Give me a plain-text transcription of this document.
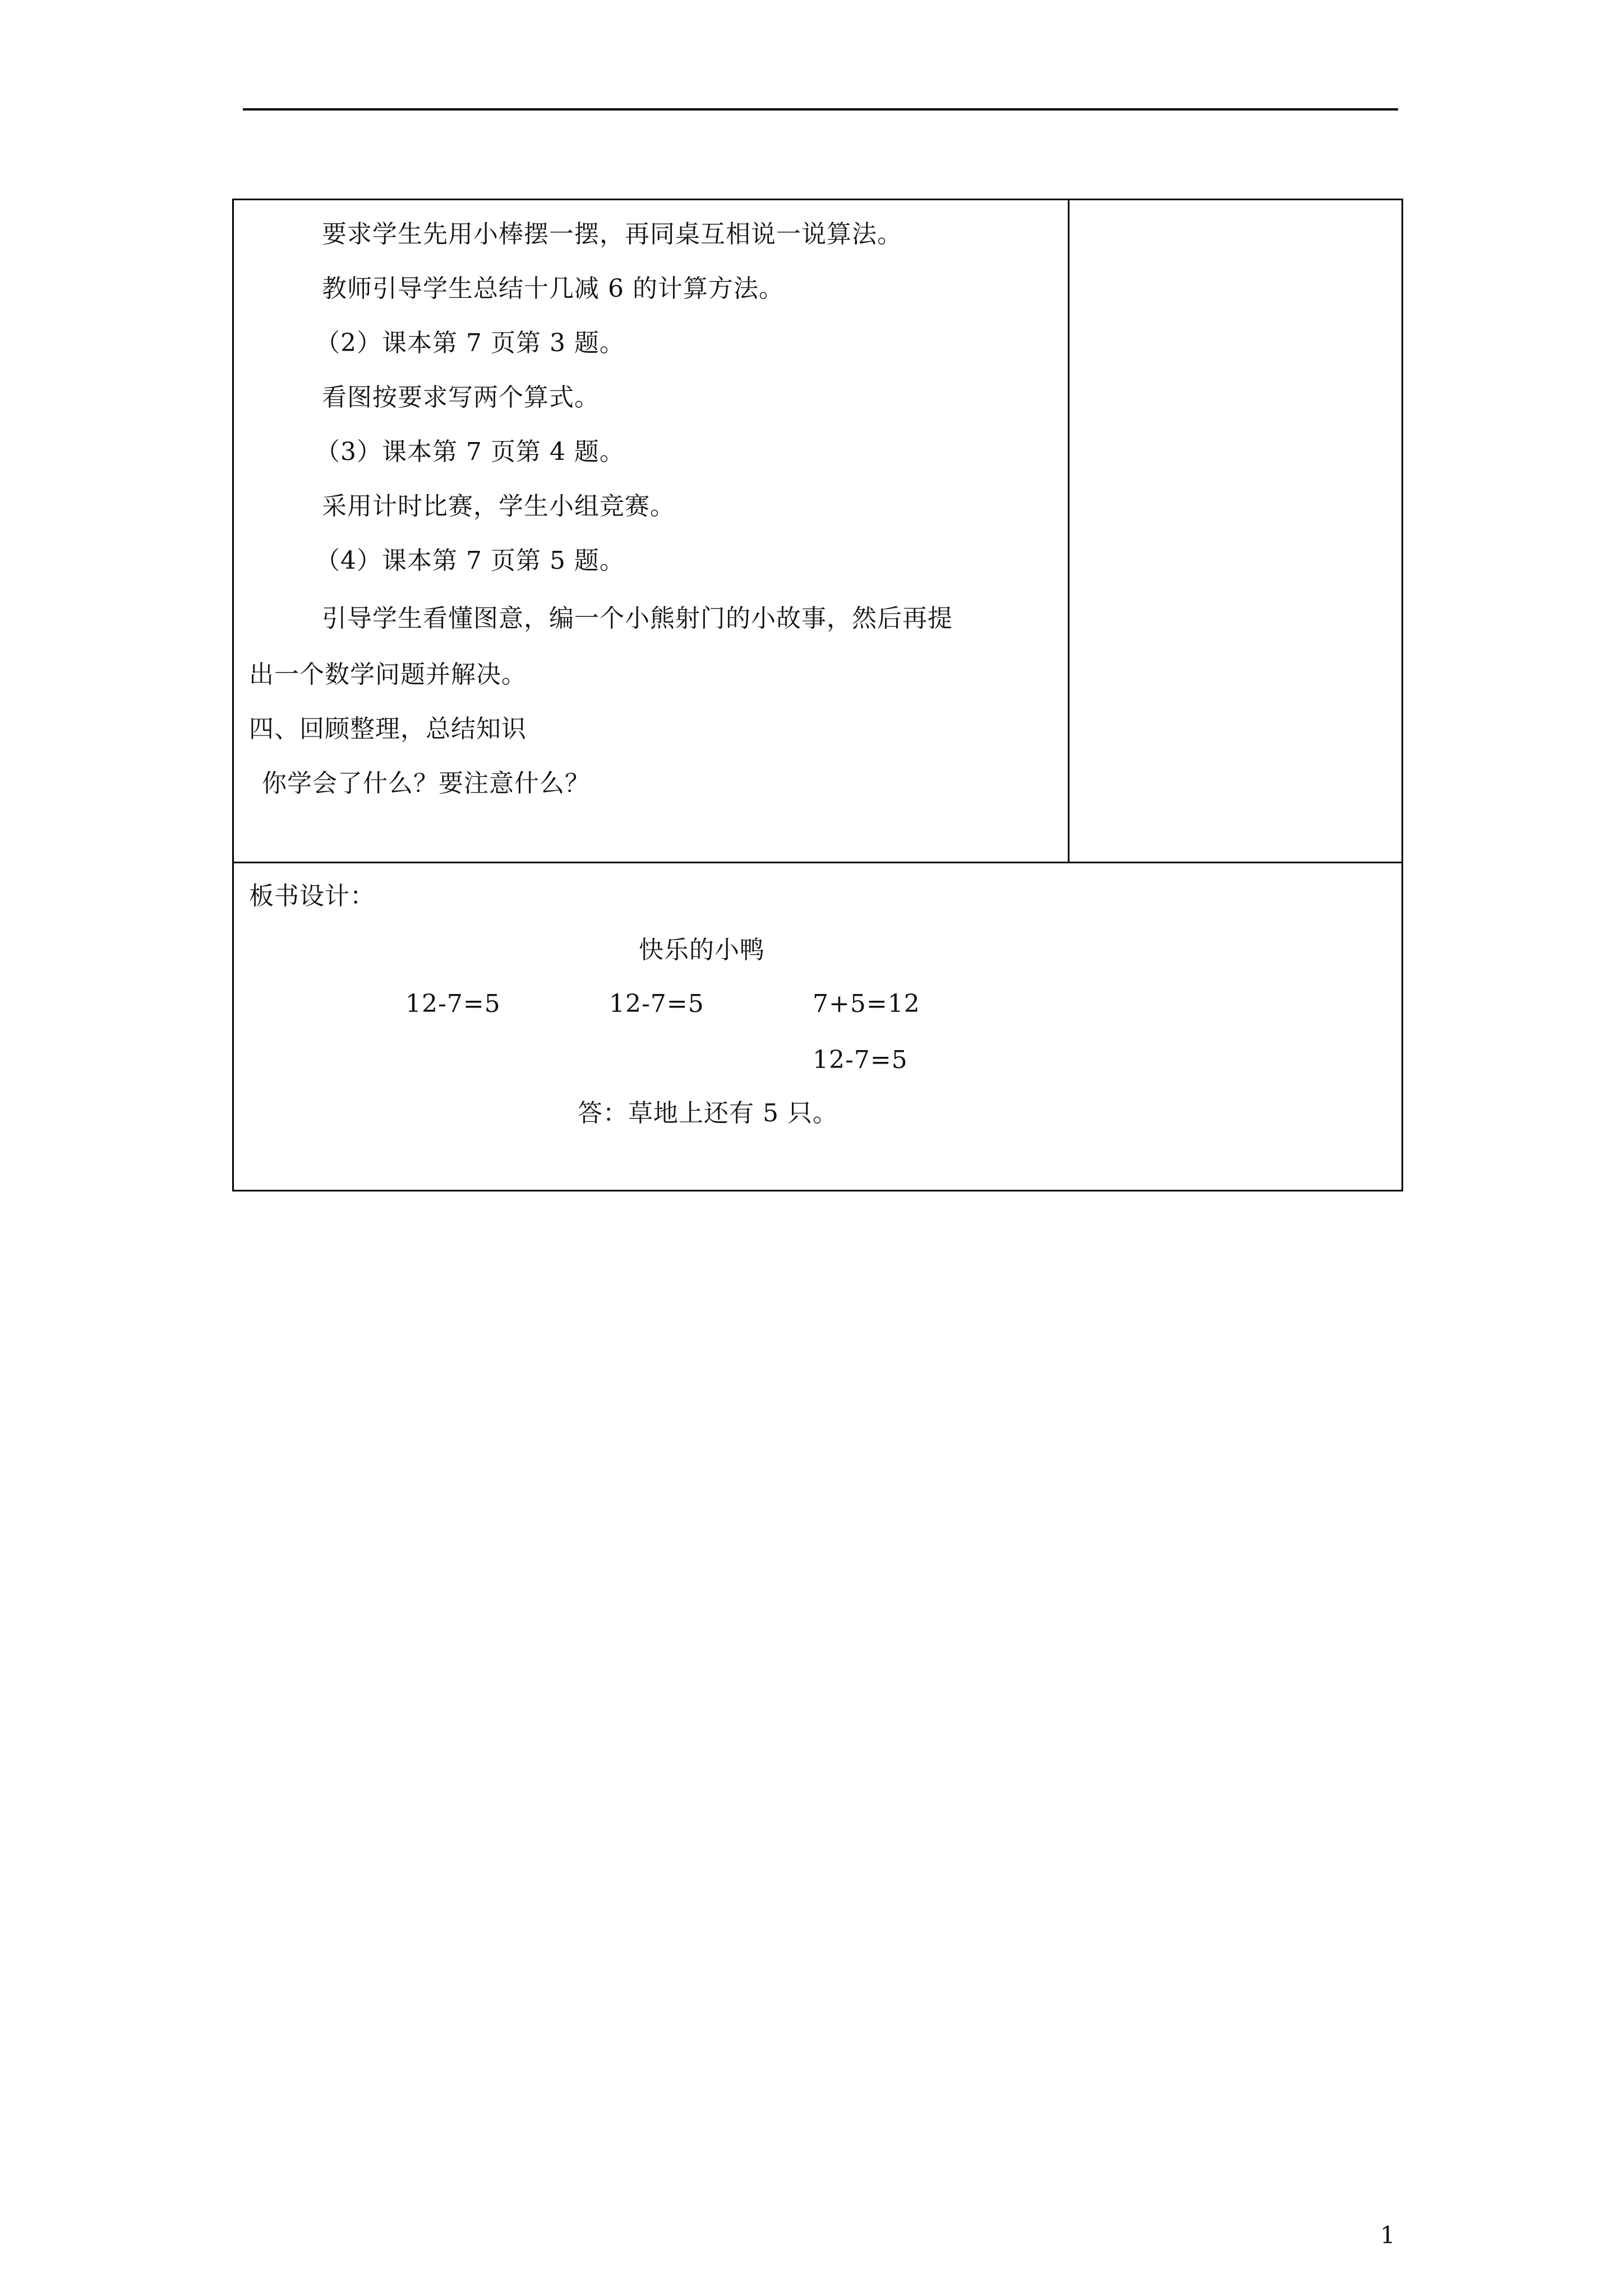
要求学生先用小棒摆一摆，再同桌互相说一说算法。
教师引导学生总结十几减 6 的计算方法。
（2）课本第 7 页第 3 题。
看图按要求写两个算式。
（3）课本第 7 页第 4 题。
采用计时比赛，学生小组竞赛。
（4）课本第 7 页第 5 题。
引导学生看懂图意，编一个小熊射门的小故事，然后再提
出一个数学问题并解决。
四、回顾整理，总结知识
你学会了什么？要注意什么？
板书设计：
快乐的小鸭
12-7=5	12-7=5	7+5=12
12-7=5
答：草地上还有 5 只。
1
